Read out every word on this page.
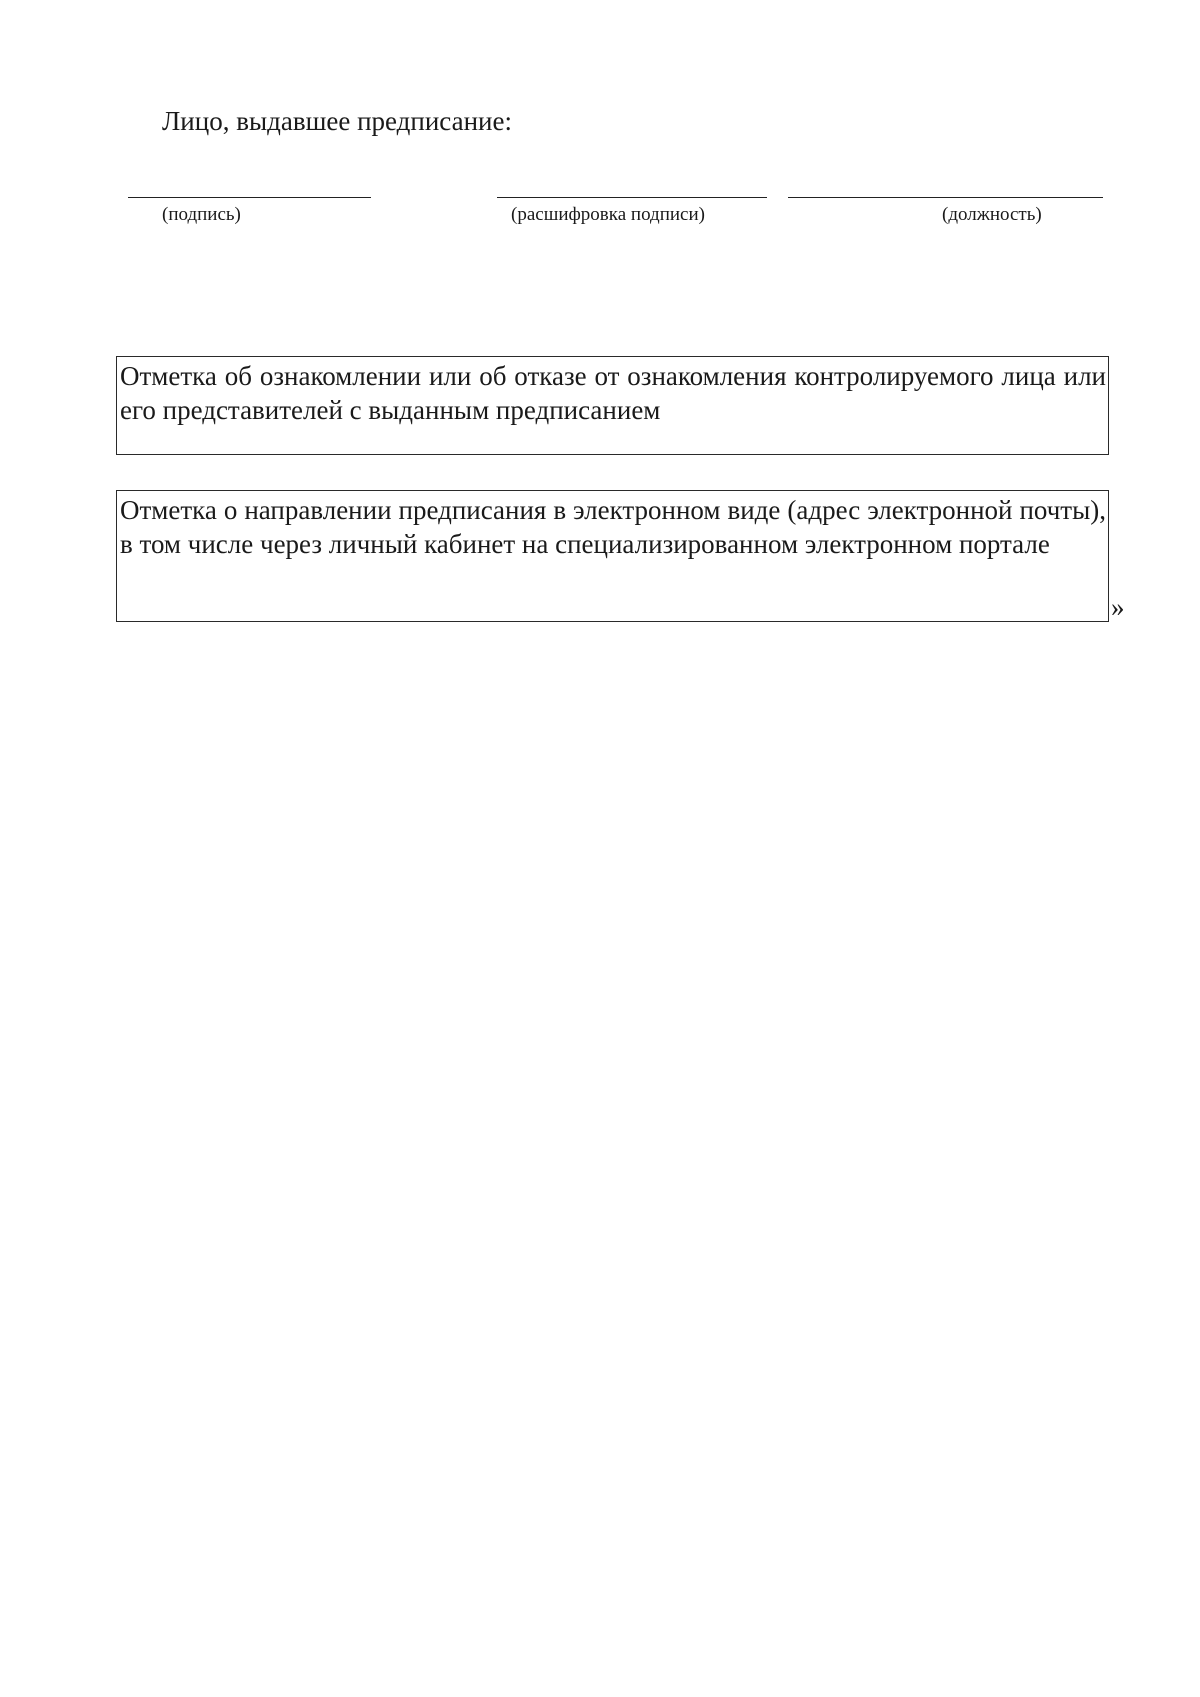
Лицо, выдавшее предписание:
(подпись)	(расшифровка подписи)	(должность)
Отметка об ознакомлении или об отказе от ознакомления контролируемого лица или его представителей с выданным предписанием
Отметка о направлении предписания в электронном виде (адрес электронной почты), в том числе через личный кабинет на специализированном электронном портале
»
